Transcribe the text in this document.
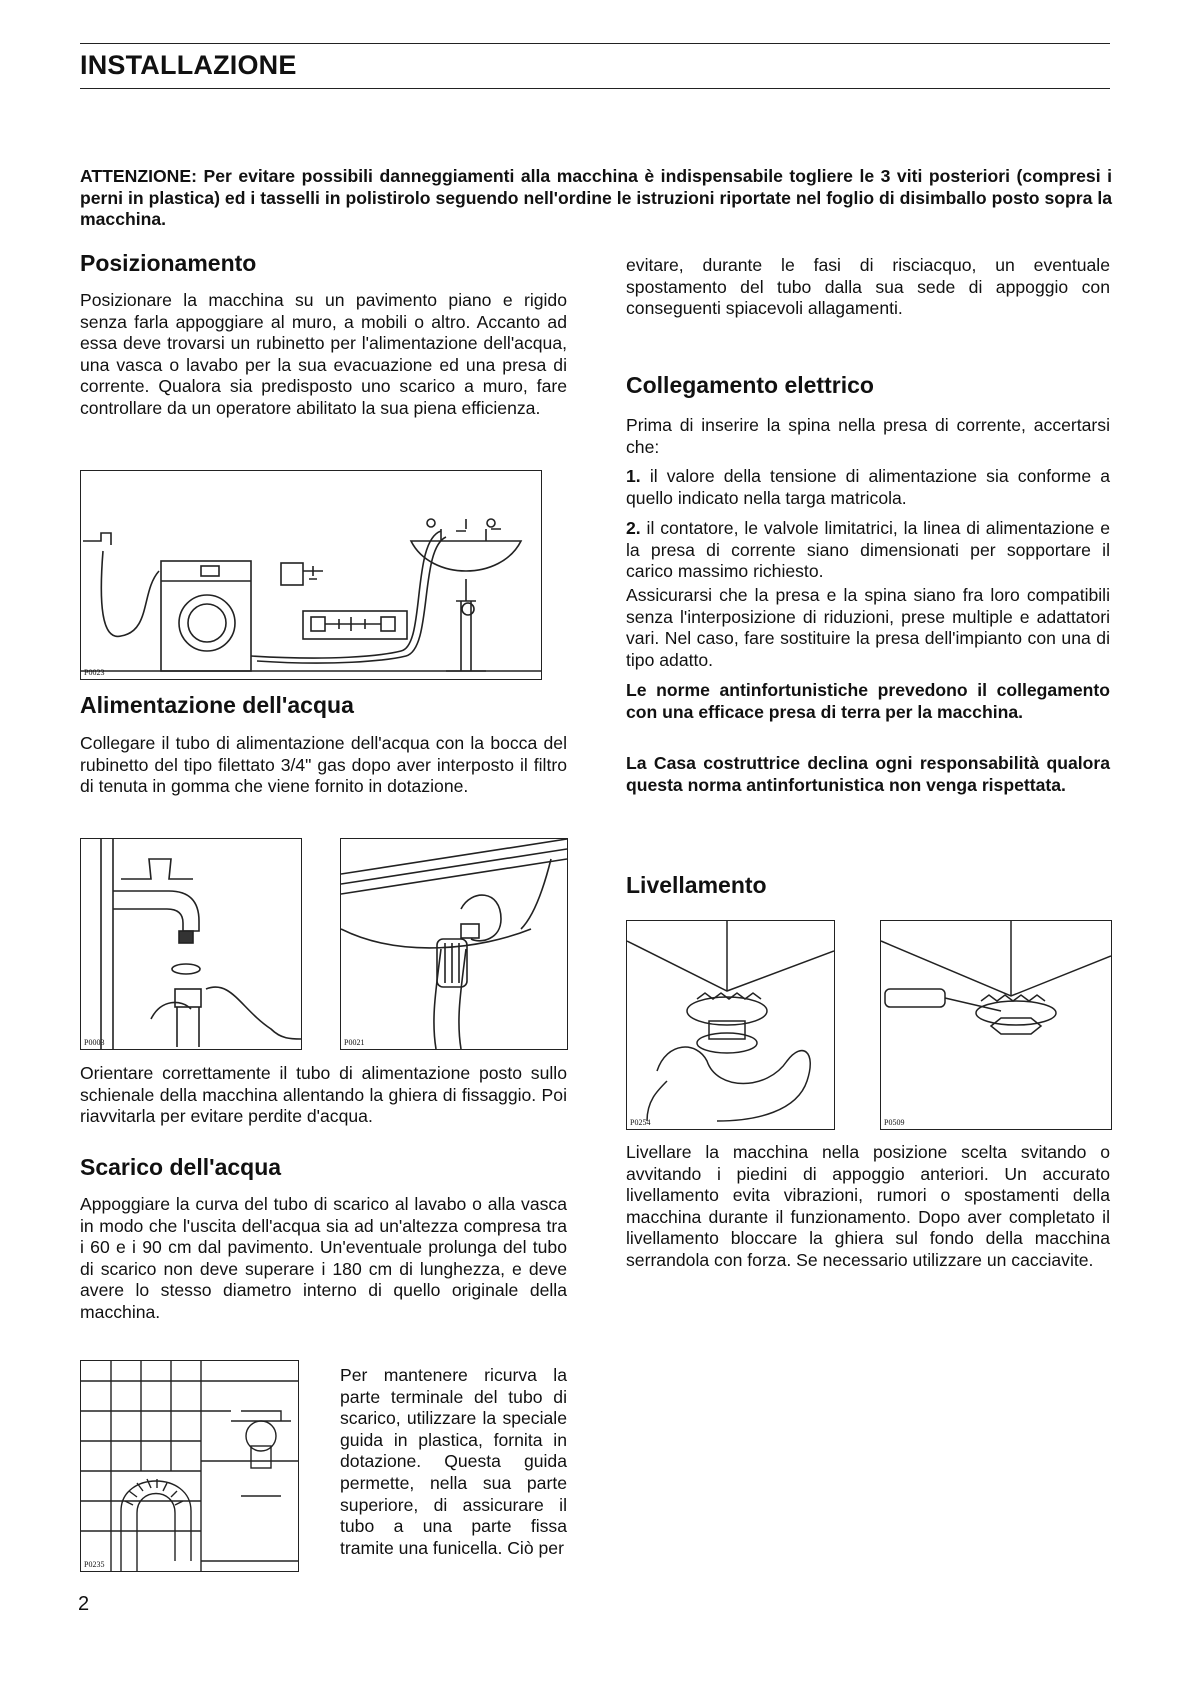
INSTALLAZIONE
ATTENZIONE: Per evitare possibili danneggiamenti alla macchina è indispensabile togliere le 3 viti posteriori (compresi i perni in plastica) ed i tasselli in polistirolo seguendo nell'ordine le istruzioni riportate nel foglio di disimballo posto sopra la macchina.
Posizionamento
Posizionare la macchina su un pavimento piano e rigido senza farla appoggiare al muro, a mobili o altro. Accanto ad essa deve trovarsi un rubinetto per l'alimentazione dell'acqua, una vasca o lavabo per la sua evacuazione ed una presa di corrente. Qualora sia predisposto uno scarico a muro, fare controllare da un operatore abilitato la sua piena efficienza.
P0023
Alimentazione dell'acqua
Collegare il tubo di alimentazione dell'acqua con la bocca del rubinetto del tipo filettato 3/4" gas dopo aver interposto il filtro di tenuta in gomma che viene fornito in dotazione.
P0003	P0021
Orientare correttamente il tubo di alimentazione posto sullo schienale della macchina allentando la ghiera di fissaggio. Poi riavvitarla per evitare perdite d'acqua.
Scarico dell'acqua
Appoggiare la curva del tubo di scarico al lavabo o alla vasca in modo che l'uscita dell'acqua sia ad un'altezza compresa tra i 60 e i 90 cm dal pavimento. Un'eventuale prolunga del tubo di scarico non deve superare i 180 cm di lunghezza, e deve avere lo stesso diametro interno di quello originale della macchina.
P0235
Per mantenere ricurva la parte terminale del tubo di scarico, utilizzare la speciale guida in plastica, fornita in dotazione. Questa guida permette, nella sua parte superiore, di assicurare il tubo a una parte fissa tramite una funicella. Ciò per
2
evitare, durante le fasi di risciacquo, un eventuale spostamento del tubo dalla sua sede di appoggio con conseguenti spiacevoli allagamenti.
Collegamento elettrico
Prima di inserire la spina nella presa di corrente, accertarsi che:
1. il valore della tensione di alimentazione sia conforme a quello indicato nella targa matricola.
2. il contatore, le valvole limitatrici, la linea di alimentazione e la presa di corrente siano dimensionati per sopportare il carico massimo richiesto.
Assicurarsi che la presa e la spina siano fra loro compatibili senza l'interposizione di riduzioni, prese multiple e adattatori vari. Nel caso, fare sostituire la presa dell'impianto con una di tipo adatto.
Le norme antinfortunistiche prevedono il collegamento con una efficace presa di terra per la macchina.
La Casa costruttrice declina ogni responsabilità qualora questa norma antinfortunistica non venga rispettata.
Livellamento
P0254	P0509
Livellare la macchina nella posizione scelta svitando o avvitando i piedini di appoggio anteriori. Un accurato livellamento evita vibrazioni, rumori o spostamenti della macchina durante il funzionamento. Dopo aver completato il livellamento bloccare la ghiera sul fondo della macchina serrandola con forza. Se necessario utilizzare un cacciavite.
